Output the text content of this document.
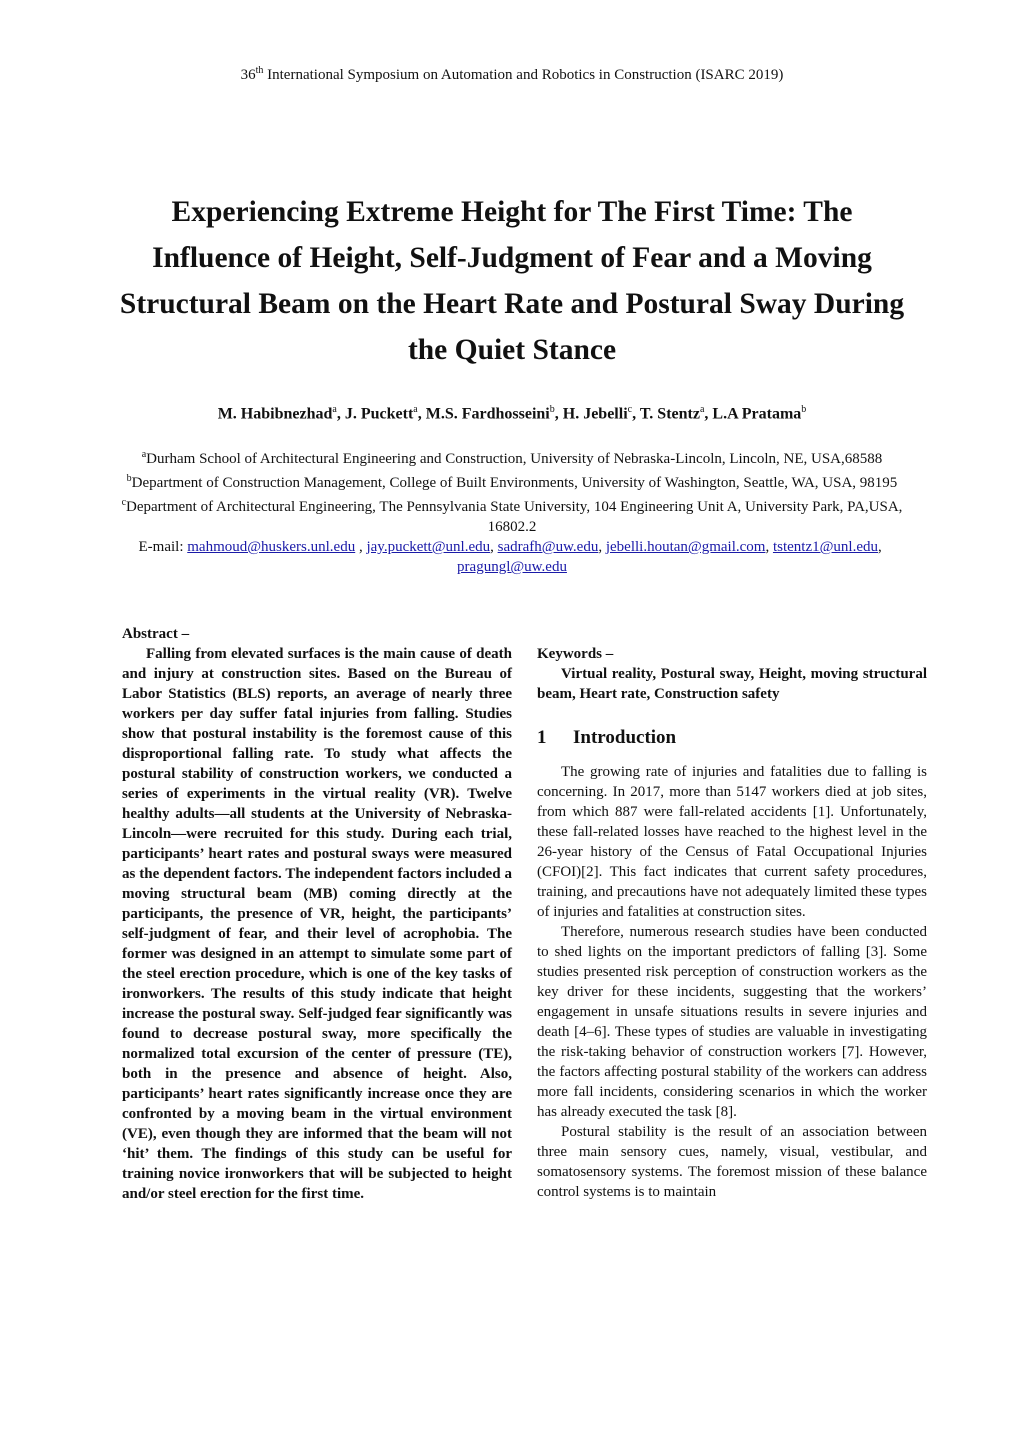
36th International Symposium on Automation and Robotics in Construction (ISARC 2019)
Experiencing Extreme Height for The First Time: The Influence of Height, Self-Judgment of Fear and a Moving Structural Beam on the Heart Rate and Postural Sway During the Quiet Stance
M. Habibnezhad$^a$, J. Puckett$^a$, M.S. Fardhosseini$^b$, H. Jebelli$^c$, T. Stentz$^a$, L.A Pratama$^b$

$^a$Durham School of Architectural Engineering and Construction, University of Nebraska-Lincoln, Lincoln, NE, USA,68588

$^b$Department of Construction Management, College of Built Environments, University of Washington, Seattle, WA, USA, 98195

$^c$Department of Architectural Engineering, The Pennsylvania State University, 104 Engineering Unit A, University Park, PA,USA, 16802.2

E-mail: mahmoud@huskers.unl.edu , jay.puckett@unl.edu, sadrafh@uw.edu, jebelli.houtan@gmail.com, tstentz1@unl.edu,  pragungl@uw.edu

Abstract –

Falling from elevated surfaces is the main cause of death and injury at construction sites. Based on the Bureau of Labor Statistics (BLS) reports, an average of nearly three workers per day suffer fatal injuries from falling. Studies show that postural instability is the foremost cause of this disproportional falling rate. To study what affects the postural stability of construction workers, we conducted a series of experiments in the virtual reality (VR). Twelve healthy adults—all students at the University of Nebraska-Lincoln—were recruited for this study. During each trial, participants’ heart rates and postural sways were measured as the dependent factors. The independent factors included a moving structural beam (MB) coming directly at the participants, the presence of VR, height, the participants’ self-judgment of fear, and their level of acrophobia. The former was designed in an attempt to simulate some part of the steel erection procedure, which is one of the key tasks of ironworkers. The results of this study indicate that height increase the postural sway. Self-judged fear significantly was found to decrease postural sway, more specifically the normalized total excursion of the center of pressure (TE), both in the presence and absence of height. Also, participants’ heart rates significantly increase once they are confronted by a moving beam in the virtual environment (VE), even though they are informed that the beam will not ‘hit’ them. The findings of this study can be useful for training novice ironworkers that will be subjected to height and/or steel erection for the first time.

Keywords –

Virtual reality, Postural sway, Height, moving structural beam, Heart rate, Construction safety

1 Introduction

The growing rate of injuries and fatalities due to falling is concerning. In 2017, more than 5147 workers died at job sites, from which 887 were fall-related accidents [1]. Unfortunately, these fall-related losses have reached to the highest level in the 26-year history of the Census of Fatal Occupational Injuries (CFOI)[2]. This fact indicates that current safety procedures, training, and precautions have not adequately limited these types of injuries and fatalities at construction sites.

Therefore, numerous research studies have been conducted to shed lights on the important predictors of falling [3]. Some studies presented risk perception of construction workers as the key driver for these incidents, suggesting that the workers’ engagement in unsafe situations results in severe injuries and death [4–6]. These types of studies are valuable in investigating the risk-taking behavior of construction workers [7]. However, the factors affecting postural stability of the workers can address more fall incidents, considering scenarios in which the worker has already executed the task [8].

Postural stability is the result of an association between three main sensory cues, namely, visual, vestibular, and somatosensory systems. The foremost mission of these balance control systems is to maintain
